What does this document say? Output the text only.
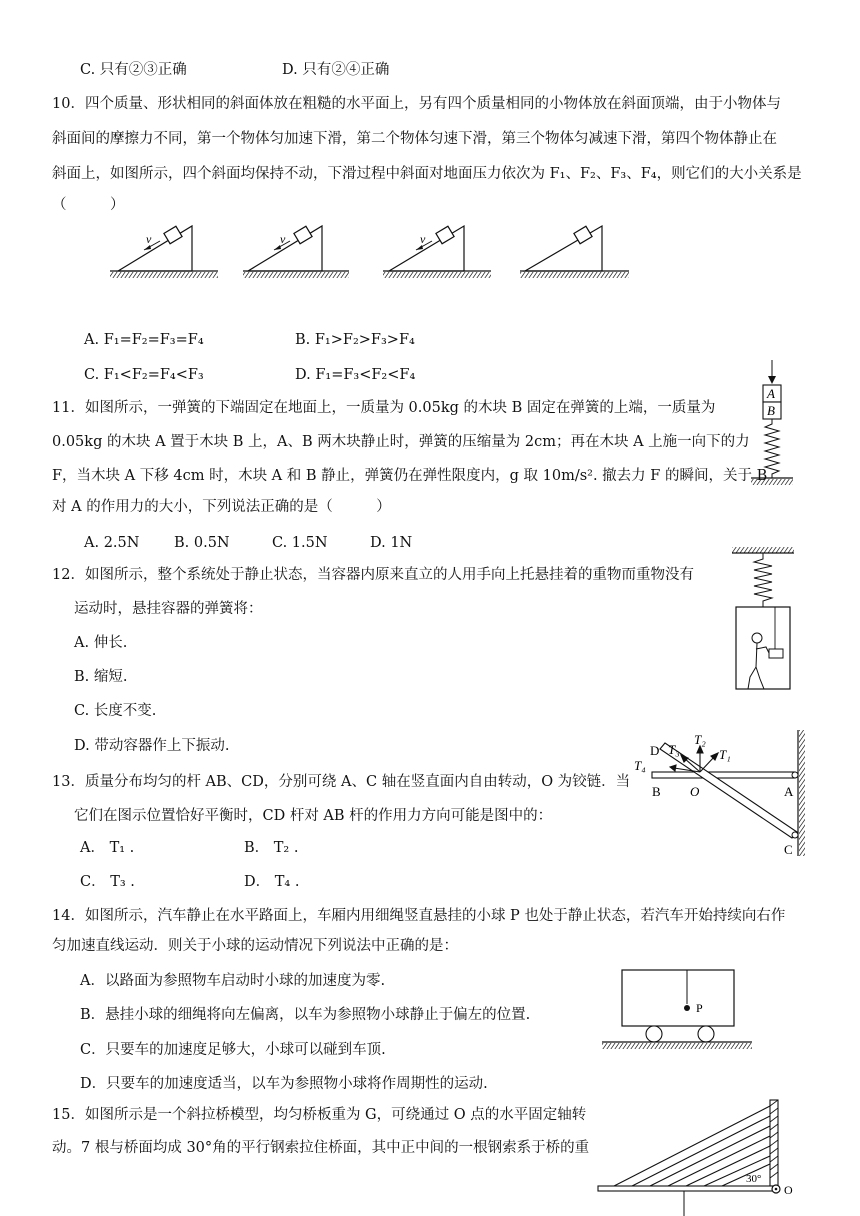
C. 只有②③正确	D. 只有②④正确
10．四个质量、形状相同的斜面体放在粗糙的水平面上，另有四个质量相同的小物体放在斜面顶端，由于小物体与
斜面间的摩擦力不同，第一个物体匀加速下滑，第二个物体匀速下滑，第三个物体匀减速下滑，第四个物体静止在
斜面上，如图所示，四个斜面均保持不动，下滑过程中斜面对地面压力依次为 F₁、F₂、F₃、F₄，则它们的大小关系是
（　　　）
v	v	v
A. F₁=F₂=F₃=F₄	B. F₁>F₂>F₃>F₄
C. F₁<F₂=F₄<F₃	D. F₁=F₃<F₂<F₄
A
B
11．如图所示，一弹簧的下端固定在地面上，一质量为 0.05kg 的木块 B 固定在弹簧的上端，一质量为
0.05kg 的木块 A 置于木块 B 上，A、B 两木块静止时，弹簧的压缩量为 2cm；再在木块 A 上施一向下的力
F，当木块 A 下移 4cm 时，木块 A 和 B 静止，弹簧仍在弹性限度内，g 取 10m/s². 撤去力 F 的瞬间，关于 B
对 A 的作用力的大小，下列说法正确的是（　　　）
A. 2.5N B. 0.5N	C. 1.5N	D. 1N
12．如图所示，整个系统处于静止状态，当容器内原来直立的人用手向上托悬挂着的重物而重物没有
运动时，悬挂容器的弹簧将：
A. 伸长.
B. 缩短.
C. 长度不变.
D. 带动容器作上下振动.	D T₃
T₂
T₁
T₄
B O	A
C
13．质量分布均匀的杆 AB、CD，分别可绕 A、C 轴在竖直面内自由转动，O 为铰链．当
它们在图示位置恰好平衡时，CD 杆对 AB 杆的作用力方向可能是图中的：
A． T₁ .	B． T₂ .
C． T₃ .	D． T₄ .
14．如图所示，汽车静止在水平路面上，车厢内用细绳竖直悬挂的小球 P 也处于静止状态，若汽车开始持续向右作
匀加速直线运动．则关于小球的运动情况下列说法中正确的是：
A．以路面为参照物车启动时小球的加速度为零.
B．悬挂小球的细绳将向左偏离，以车为参照物小球静止于偏左的位置.
C．只要车的加速度足够大，小球可以碰到车顶.
D．只要车的加速度适当，以车为参照物小球将作周期性的运动.
P
15．如图所示是一个斜拉桥模型，均匀桥板重为 G，可绕通过 O 点的水平固定轴转
动。7 根与桥面均成 30°角的平行钢索拉住桥面，其中正中间的一根钢索系于桥的重
30°
O
